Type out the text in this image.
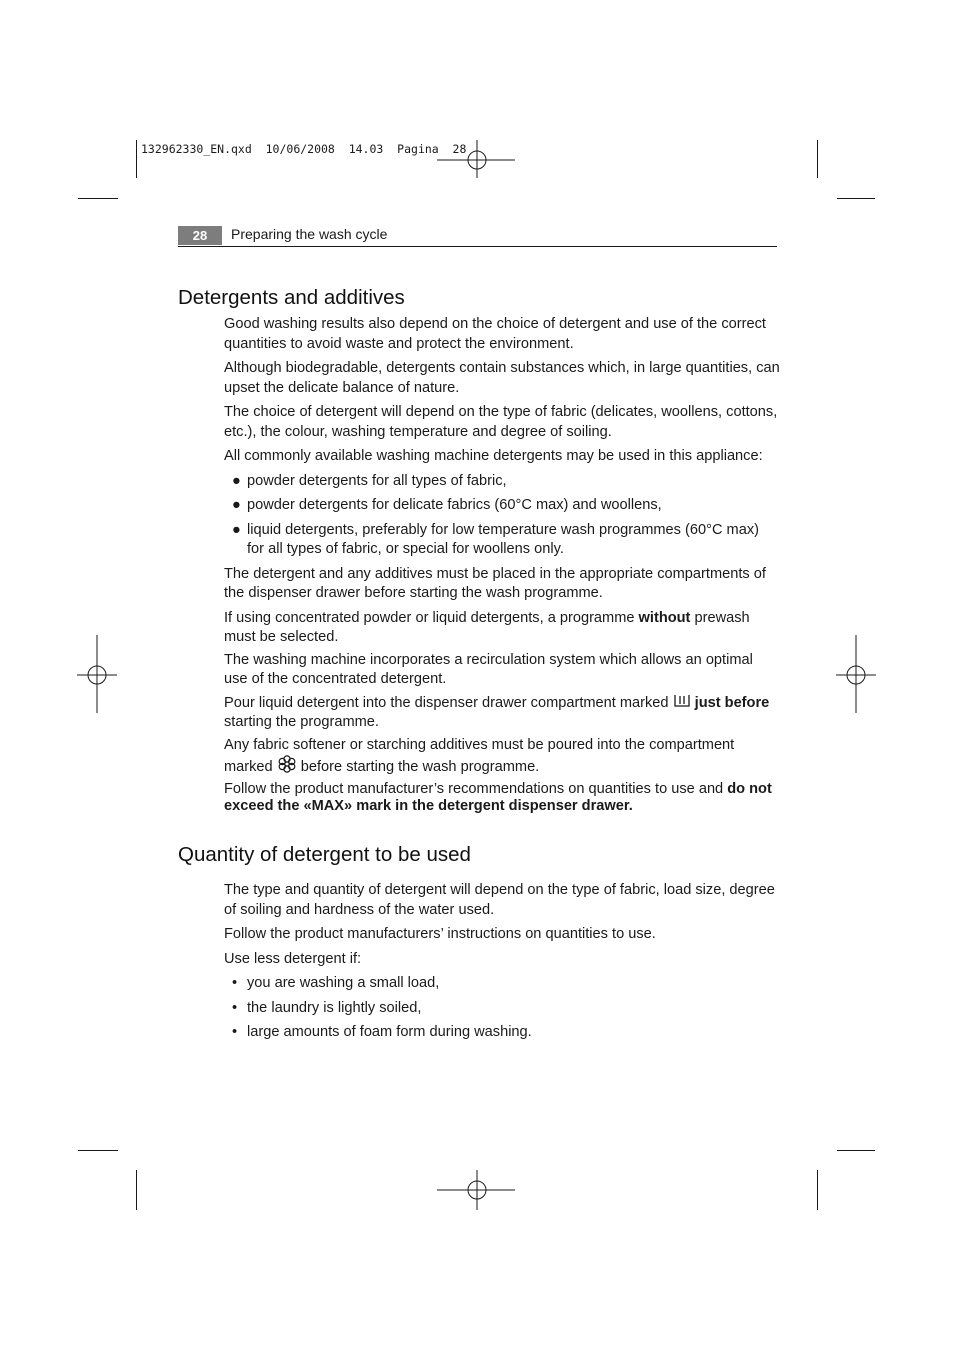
132962330_EN.qxd  10/06/2008  14.03  Pagina  28
28	Preparing the wash cycle
Detergents and additives

Good washing results also depend on the choice of detergent and use of the correct quantities to avoid waste and protect the environment.

Although biodegradable, detergents contain substances which, in large quantities, can upset the delicate balance of nature.

The choice of detergent will depend on the type of fabric (delicates, woollens, cottons, etc.), the colour, washing temperature and degree of soiling.

All commonly available washing machine detergents may be used in this appliance:

● powder detergents for all types of fabric,
● powder detergents for delicate fabrics (60°C max) and woollens,
● liquid detergents, preferably for low temperature wash programmes (60°C max) for all types of fabric, or special for woollens only.

The detergent and any additives must be placed in the appropriate compartments of the dispenser drawer before starting the wash programme.

If using concentrated powder or liquid detergents, a programme without prewash must be selected.

The washing machine incorporates a recirculation system which allows an optimal use of the concentrated detergent.

Pour liquid detergent into the dispenser drawer compartment marked  just before starting the programme.

Any fabric softener or starching additives must be poured into the compartment marked  before starting the wash programme.

Follow the product manufacturer’s recommendations on quantities to use and do not exceed the «MAX» mark in the detergent dispenser drawer.

Quantity of detergent to be used

The type and quantity of detergent will depend on the type of fabric, load size, degree of soiling and hardness of the water used.

Follow the product manufacturers’ instructions on quantities to use.

Use less detergent if:

• you are washing a small load,
• the laundry is lightly soiled,
• large amounts of foam form during washing.
